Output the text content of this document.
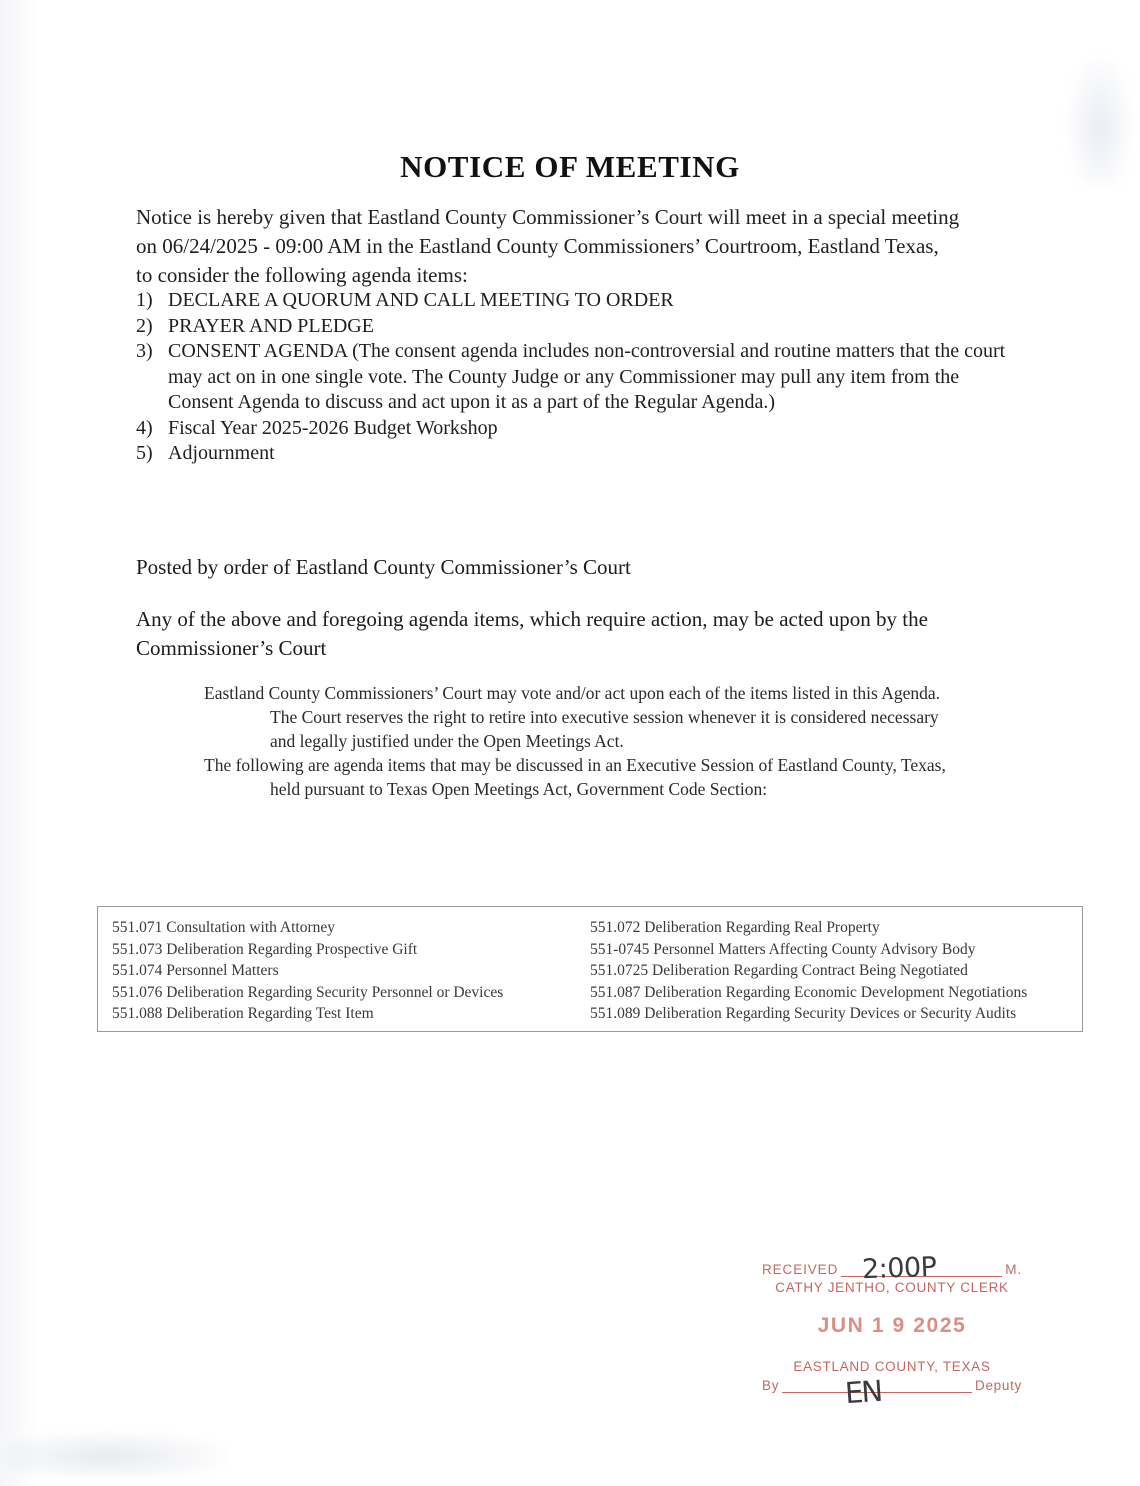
NOTICE OF MEETING

Notice is hereby given that Eastland County Commissioner’s Court will meet in a special meeting on 06/24/2025 - 09:00 AM in the Eastland County Commissioners’ Courtroom, Eastland Texas, to consider the following agenda items:

1) DECLARE A QUORUM AND CALL MEETING TO ORDER
2) PRAYER AND PLEDGE
3) CONSENT AGENDA (The consent agenda includes non-controversial and routine matters that the court may act on in one single vote. The County Judge or any Commissioner may pull any item from the Consent Agenda to discuss and act upon it as a part of the Regular Agenda.)
4) Fiscal Year 2025-2026 Budget Workshop
5) Adjournment

Posted by order of Eastland County Commissioner’s Court

Any of the above and foregoing agenda items, which require action, may be acted upon by the Commissioner’s Court

Eastland County Commissioners’ Court may vote and/or act upon each of the items listed in this Agenda.
The Court reserves the right to retire into executive session whenever it is considered necessary
and legally justified under the Open Meetings Act.
The following are agenda items that may be discussed in an Executive Session of Eastland County, Texas,
held pursuant to Texas Open Meetings Act, Government Code Section:
551.071 Consultation with Attorney
551.073 Deliberation Regarding Prospective Gift
551.074 Personnel Matters
551.076 Deliberation Regarding Security Personnel or Devices
551.088 Deliberation Regarding Test Item
551.072 Deliberation Regarding Real Property
551-0745 Personnel Matters Affecting County Advisory Body
551.0725 Deliberation Regarding Contract Being Negotiated
551.087 Deliberation Regarding Economic Development Negotiations
551.089 Deliberation Regarding Security Devices or Security Audits
RECEIVED	M.
CATHY JENTHO, COUNTY CLERK
JUN 1 9 2025
EASTLAND COUNTY, TEXAS
By	Deputy
2:00P
EN
